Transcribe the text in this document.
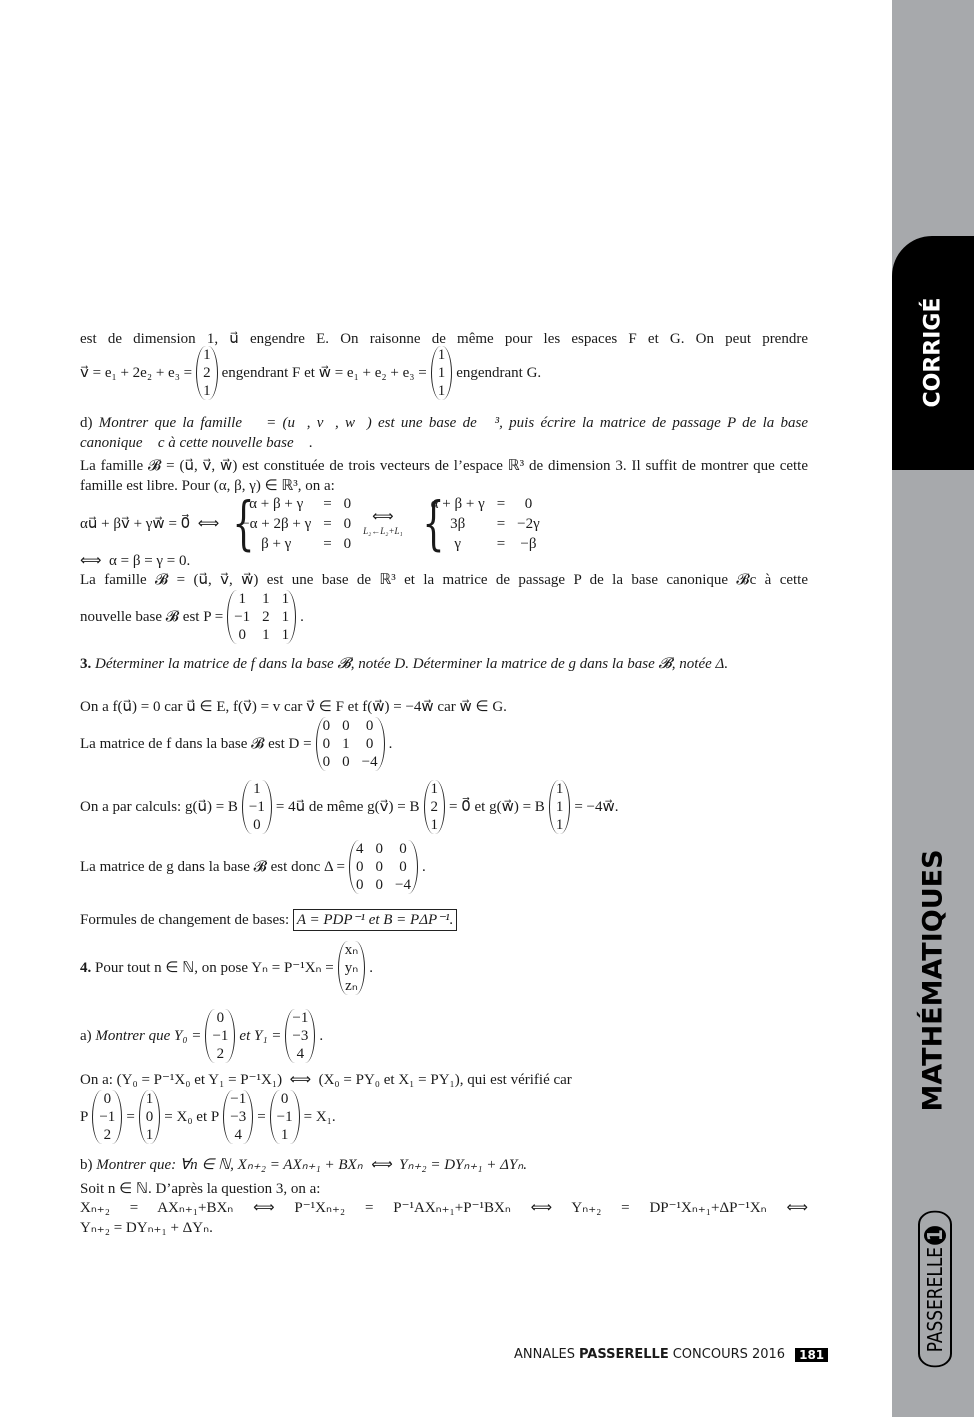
CORRIGÉ
MATHÉMATIQUES
PASSERELLE
1
est de dimension 1, u⃗ engendre E. On raisonne de même pour les espaces F et G. On peut prendre
v⃗ = e₁ + 2e₂ + e₃ =
1
2
1
engendrant F et w⃗ = e₁ + e₂ + e₃ =
1
1
1
engendrant G.
d) Montrer que la famille 𝓑 = (u⃗, v⃗, w⃗) est une base de ℝ³, puis écrire la matrice de passage P de la base canonique 𝓑c à cette nouvelle base 𝓑.
La famille 𝓑 = (u⃗, v⃗, w⃗) est constituée de trois vecteurs de l’espace ℝ³ de dimension 3. Il suffit de montrer que cette famille est libre. Pour (α, β, γ) ∈ ℝ³, on a:
αu⃗ + βv⃗ + γw⃗ = 0⃗  ⟺ {
α + β + γ	= 0
−α + 2β + γ = 0
β + γ	= 0
⟺
L₂←L₂+L₁ {
α + β + γ =	0
3β	= −2γ
γ	= −β
⟺  α = β = γ = 0.
La famille 𝓑 = (u⃗, v⃗, w⃗) est une base de ℝ³ et la matrice de passage P de la base canonique 𝓑c à cette
nouvelle base 𝓑 est P =
1 1 1
−1 2 1
0 1 1
.
3. Déterminer la matrice de f dans la base 𝓑, notée D. Déterminer la matrice de g dans la base 𝓑, notée Δ.
On a f(u⃗) = 0 car u⃗ ∈ E, f(v⃗) = v car v⃗ ∈ F et f(w⃗) = −4w⃗ car w⃗ ∈ G.
La matrice de f dans la base 𝓑 est D =
0 0 0
0 1 0
0 0 −4
.
On a par calculs: g(u⃗) = B
1
−1
0
= 4u⃗ de même g(v⃗) = B
1
2
1
= 0⃗ et g(w⃗) = B
1
1
1
= −4w⃗.
La matrice de g dans la base 𝓑 est donc Δ =
4 0 0
0 0 0
0 0 −4
.
Formules de changement de bases: A = PDP⁻¹ et B = PΔP⁻¹.
4. Pour tout n ∈ ℕ, on pose Yₙ = P⁻¹Xₙ =
xₙ
yₙ
zₙ
.
a) Montrer que Y₀ =
0
−1
2
et Y₁ =
−1
−3
4
.
On a: (Y₀ = P⁻¹X₀ et Y₁ = P⁻¹X₁)  ⟺  (X₀ = PY₀ et X₁ = PY₁), qui est vérifié car
P
0
−1
2
=
1
0
1
= X₀ et P
−1
−3
4
=
0
−1
1
= X₁.
b) Montrer que: ∀n ∈ ℕ, Xₙ₊₂ = AXₙ₊₁ + BXₙ  ⟺  Yₙ₊₂ = DYₙ₊₁ + ΔYₙ.
Soit n ∈ ℕ. D’après la question 3, on a:
Xₙ₊₂ = AXₙ₊₁+BXₙ ⟺ P⁻¹Xₙ₊₂ = P⁻¹AXₙ₊₁+P⁻¹BXₙ ⟺ Yₙ₊₂ = DP⁻¹Xₙ₊₁+ΔP⁻¹Xₙ ⟺
Yₙ₊₂ = DYₙ₊₁ + ΔYₙ.
ANNALES PASSERELLE CONCOURS 2016	181
